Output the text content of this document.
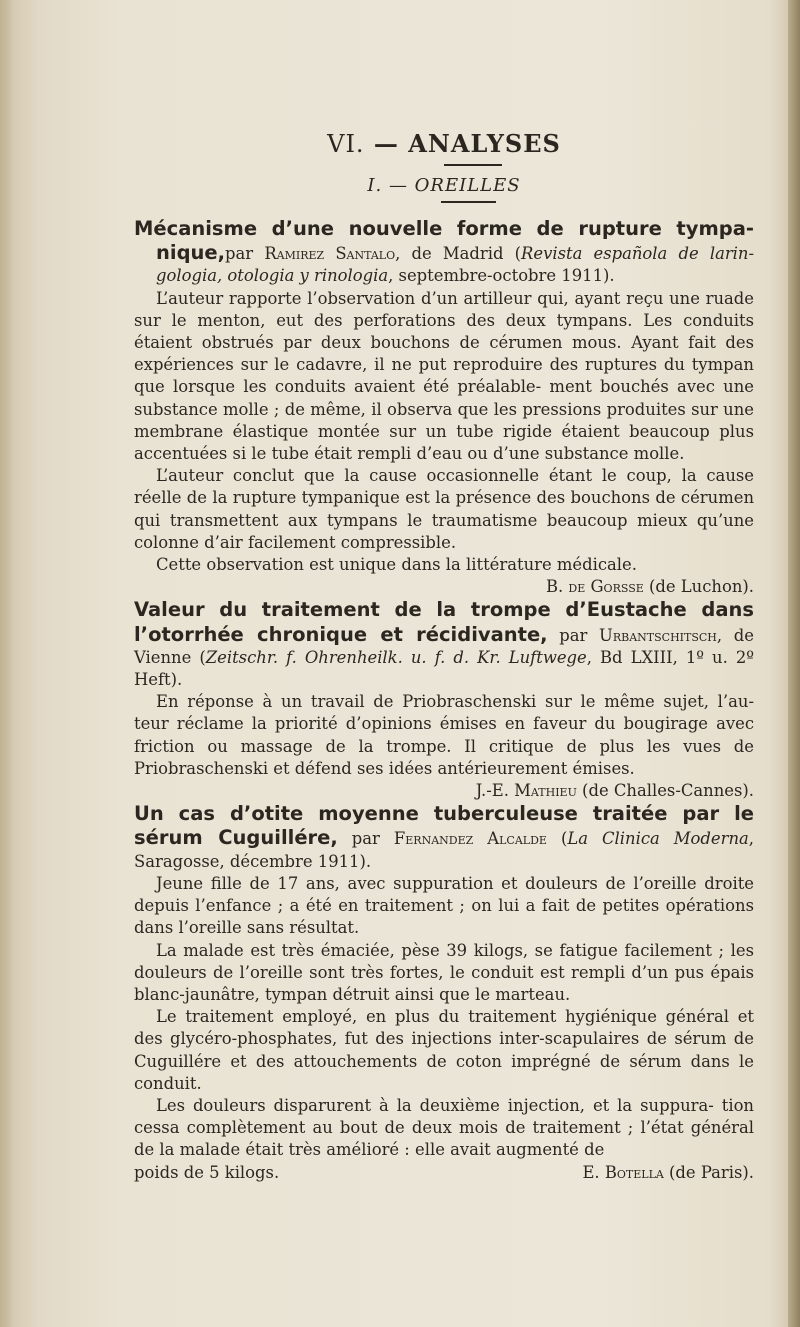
VI. — ANALYSES
I. — OREILLES
Mécanisme d’une nouvelle forme de rupture tympa- nique,par Ramirez Santalo, de Madrid (Revista española de larin- gologia, otologia y rinologia, septembre-octobre 1911).

L’auteur rapporte l’observation d’un artilleur qui, ayant reçu une ruade sur le menton, eut des perforations des deux tympans. Les conduits étaient obstrués par deux bouchons de cérumen mous. Ayant fait des expériences sur le cadavre, il ne put reproduire des ruptures du tympan que lorsque les conduits avaient été préalable- ment bouchés avec une substance molle ; de même, il observa que les pressions produites sur une membrane élastique montée sur un tube rigide étaient beaucoup plus accentuées si le tube était rempli d’eau ou d’une substance molle.

L’auteur conclut que la cause occasionnelle étant le coup, la cause réelle de la rupture tympanique est la présence des bouchons de cérumen qui transmettent aux tympans le traumatisme beaucoup mieux qu’une colonne d’air facilement compressible.

Cette observation est unique dans la littérature médicale.

B. de Gorsse (de Luchon).

Valeur du traitement de la trompe d’Eustache dans l’otorrhée chronique et récidivante, par Urbantschitsch, de Vienne (Zeitschr. f. Ohrenheilk. u. f. d. Kr. Luftwege, Bd LXIII, 1º u. 2º Heft).

En réponse à un travail de Priobraschenski sur le même sujet, l’au- teur réclame la priorité d’opinions émises en faveur du bougirage avec friction ou massage de la trompe. Il critique de plus les vues de Priobraschenski et défend ses idées antérieurement émises.

J.-E. Mathieu (de Challes-Cannes).

Un cas d’otite moyenne tuberculeuse traitée par le sérum Cuguillére, par Fernandez Alcalde (La Clinica Moderna, Saragosse, décembre 1911).

Jeune fille de 17 ans, avec suppuration et douleurs de l’oreille droite depuis l’enfance ; a été en traitement ; on lui a fait de petites opérations dans l’oreille sans résultat.

La malade est très émaciée, pèse 39 kilogs, se fatigue facilement ; les douleurs de l’oreille sont très fortes, le conduit est rempli d’un pus épais blanc-jaunâtre, tympan détruit ainsi que le marteau.

Le traitement employé, en plus du traitement hygiénique général et des glycéro-phosphates, fut des injections inter-scapulaires de sérum de Cuguillére et des attouchements de coton imprégné de sérum dans le conduit.

Les douleurs disparurent à la deuxième injection, et la suppura- tion cessa complètement au bout de deux mois de traitement ; l’état général de la malade était très amélioré : elle avait augmenté de

poids de 5 kilogs.	E. Botella (de Paris).
